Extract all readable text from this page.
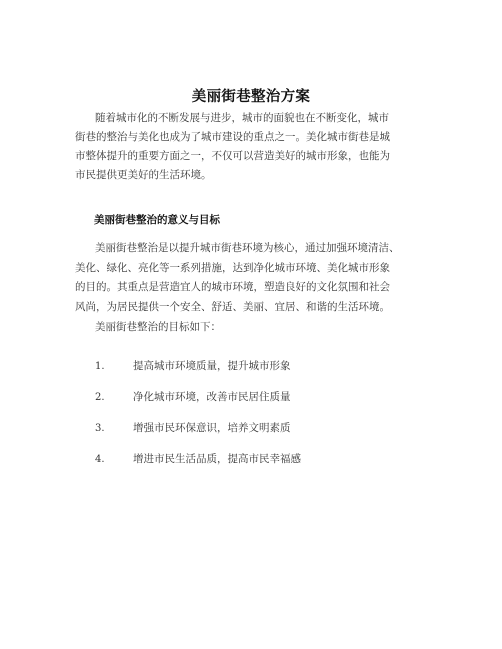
美丽街巷整治方案
随着城市化的不断发展与进步，城市的面貌也在不断变化，城市
街巷的整治与美化也成为了城市建设的重点之一。美化城市街巷是城
市整体提升的重要方面之一，不仅可以营造美好的城市形象，也能为
市民提供更美好的生活环境。
美丽街巷整治的意义与目标
美丽街巷整治是以提升城市街巷环境为核心，通过加强环境清洁、
美化、绿化、亮化等一系列措施，达到净化城市环境、美化城市形象
的目的。其重点是营造宜人的城市环境，塑造良好的文化氛围和社会
风尚，为居民提供一个安全、舒适、美丽、宜居、和谐的生活环境。
美丽街巷整治的目标如下：
1.	提高城市环境质量，提升城市形象
2.	净化城市环境，改善市民居住质量
3.	增强市民环保意识，培养文明素质
4.	增进市民生活品质，提高市民幸福感
